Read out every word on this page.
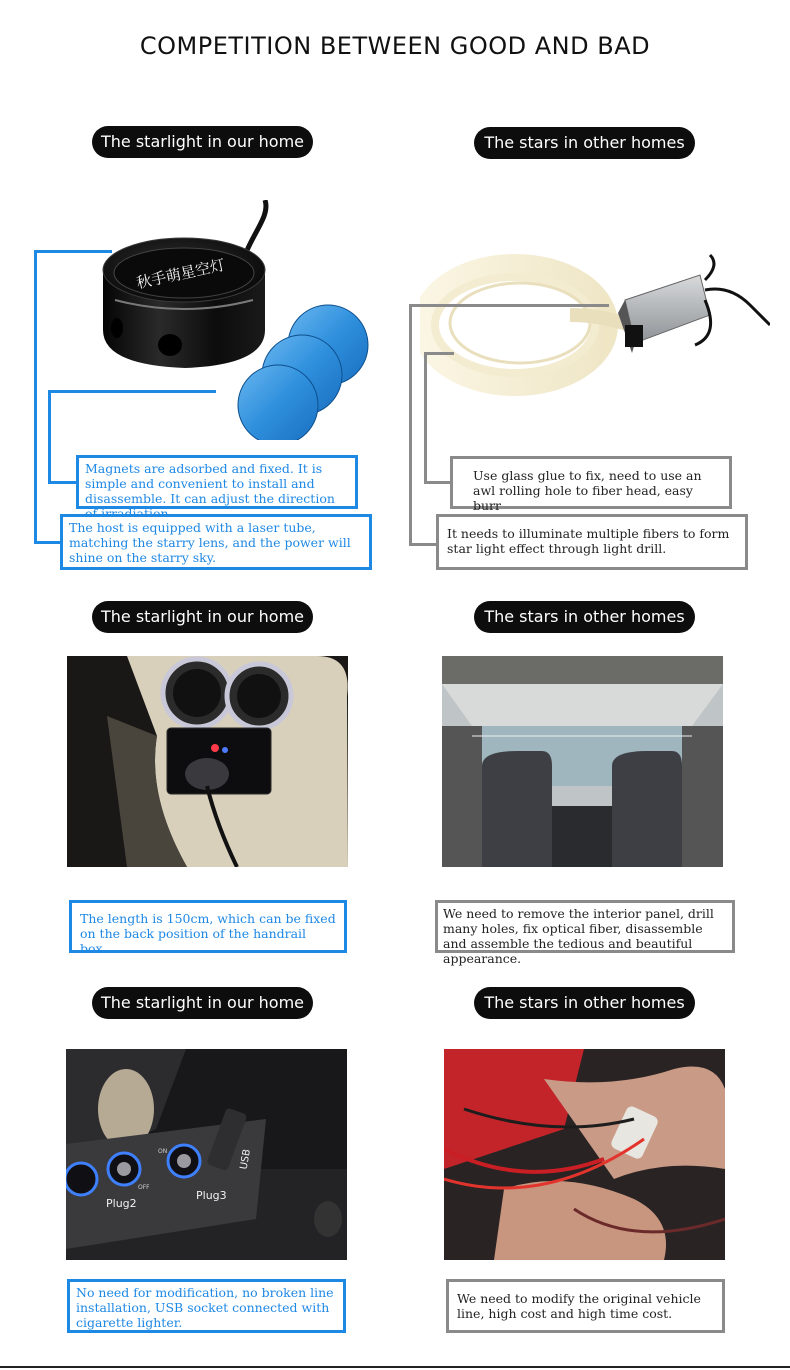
COMPETITION BETWEEN GOOD AND BAD
The starlight in our home	The stars in other homes
秋手萌星空灯
Magnets are adsorbed and fixed. It is simple and convenient to install and disassemble. It can adjust the direction
The host is equipped with a laser tube, matching the starry lens, and the power will shine on the starry sky.
Use glass glue to fix, need to use an awl rolling hole to fiber head, easy burr
It needs to illuminate multiple fibers to form star light effect through light drill.
The starlight in our home	The stars in other homes
The length is 150cm, which can be fixed on the back position of the handrail box.
We need to remove the interior panel, drill many holes, fix optical fiber, disassemble and assemble the tedious and beautiful appearance.
The starlight in our home	The stars in other homes
Plug2
Plug3
USB
OFF
ON
No need for modification, no broken line installation, USB socket connected with cigarette lighter.
We need to modify the original vehicle line, high cost and high time cost.
